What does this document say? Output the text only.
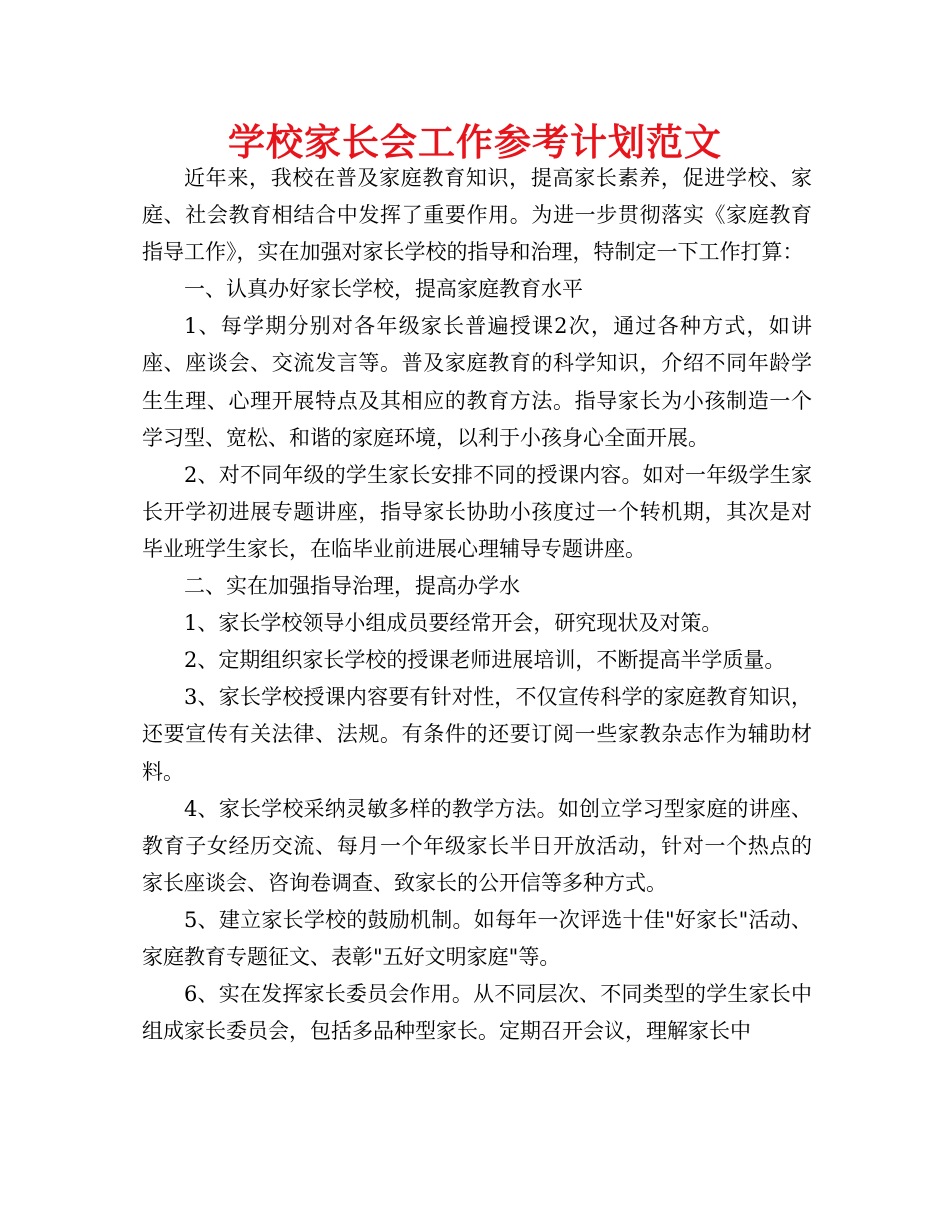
学校家长会工作参考计划范文

近年来，我校在普及家庭教育知识，提高家长素养，促进学校、家庭、社会教育相结合中发挥了重要作用。为进一步贯彻落实《家庭教育指导工作》，实在加强对家长学校的指导和治理，特制定一下工作打算：

一、认真办好家长学校，提高家庭教育水平

1、每学期分别对各年级家长普遍授课2次，通过各种方式，如讲座、座谈会、交流发言等。普及家庭教育的科学知识，介绍不同年龄学生生理、心理开展特点及其相应的教育方法。指导家长为小孩制造一个学习型、宽松、和谐的家庭环境，以利于小孩身心全面开展。

2、对不同年级的学生家长安排不同的授课内容。如对一年级学生家长开学初进展专题讲座，指导家长协助小孩度过一个转机期，其次是对毕业班学生家长，在临毕业前进展心理辅导专题讲座。

二、实在加强指导治理，提高办学水

1、家长学校领导小组成员要经常开会，研究现状及对策。

2、定期组织家长学校的授课老师进展培训，不断提高半学质量。

3、家长学校授课内容要有针对性，不仅宣传科学的家庭教育知识，还要宣传有关法律、法规。有条件的还要订阅一些家教杂志作为辅助材料。

4、家长学校采纳灵敏多样的教学方法。如创立学习型家庭的讲座、教育子女经历交流、每月一个年级家长半日开放活动，针对一个热点的家长座谈会、咨询卷调查、致家长的公开信等多种方式。

5、建立家长学校的鼓励机制。如每年一次评选十佳"好家长"活动、家庭教育专题征文、表彰"五好文明家庭"等。

6、实在发挥家长委员会作用。从不同层次、不同类型的学生家长中组成家长委员会，包括多品种型家长。定期召开会议，理解家长中
